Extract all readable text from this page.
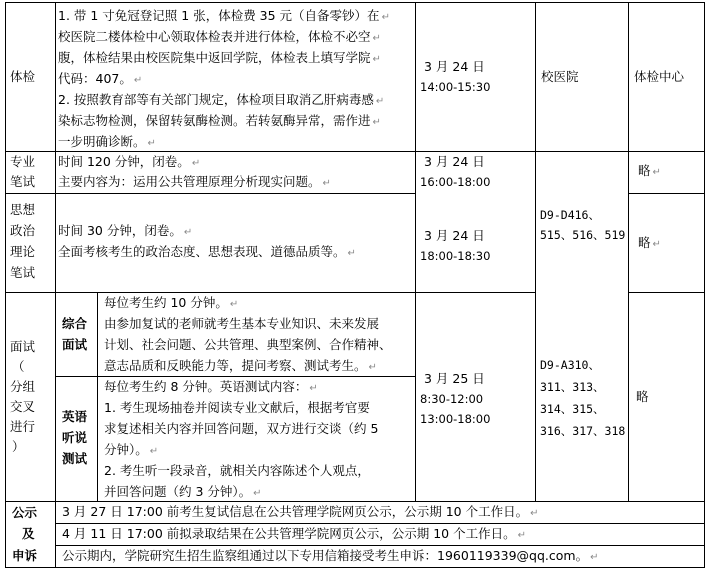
体检
1. 带 1 寸免冠登记照 1 张，体检费 35 元（自备零钞）在 ↵
校医院二楼体检中心领取体检表并进行体检，体检不必空 ↵
腹，体检结果由校医院集中返回学院，体检表上填写学院 ↵
代码：407。 ↵
2. 按照教育部等有关部门规定，体检项目取消乙肝病毒感 ↵
染标志物检测，保留转氨酶检测。若转氨酶异常，需作进 ↵
一步明确诊断。 ↵
3 月 24 日
14:00-15:30
校医院	体检中心
专业
笔试
时间 120 分钟，闭卷。 ↵
主要内容为：运用公共管理原理分析现实问题。 ↵
3 月 24 日
16:00-18:00
略 ↵
思想
政治
理论
笔试
时间 30 分钟，闭卷。 ↵
全面考核考生的政治态度、思想表现、道德品质等。 ↵
3 月 24 日
18:00-18:30
略 ↵
D9-D416、515、516、519
面试
（
分组
交叉
进行
）
综合
面试
每位考生约 10 分钟。 ↵
由参加复试的老师就考生基本专业知识、未来发展
计划、社会问题、公共管理、典型案例、合作精神、
意志品质和反映能力等，提问考察、测试考生。 ↵
英语
听说
测试
每位考生约 8 分钟。英语测试内容： ↵
1. 考生现场抽卷并阅读专业文献后，根据考官要
求复述相关内容并回答问题，双方进行交谈（约 5
分钟）。 ↵
2. 考生听一段录音，就相关内容陈述个人观点，
并回答问题（约 3 分钟）。 ↵
3 月 25 日
8:30-12:00
13:00-18:00
D9-A310、
311、313、
314、315、
316、317、318
略
公示
及
申诉
3 月 27 日 17:00 前考生复试信息在公共管理学院网页公示，公示期 10 个工作日。 ↵
4 月 11 日 17:00 前拟录取结果在公共管理学院网页公示，公示期 10 个工作日。 ↵
公示期内，学院研究生招生监察组通过以下专用信箱接受考生申诉：1960119339@qq.com。 ↵
